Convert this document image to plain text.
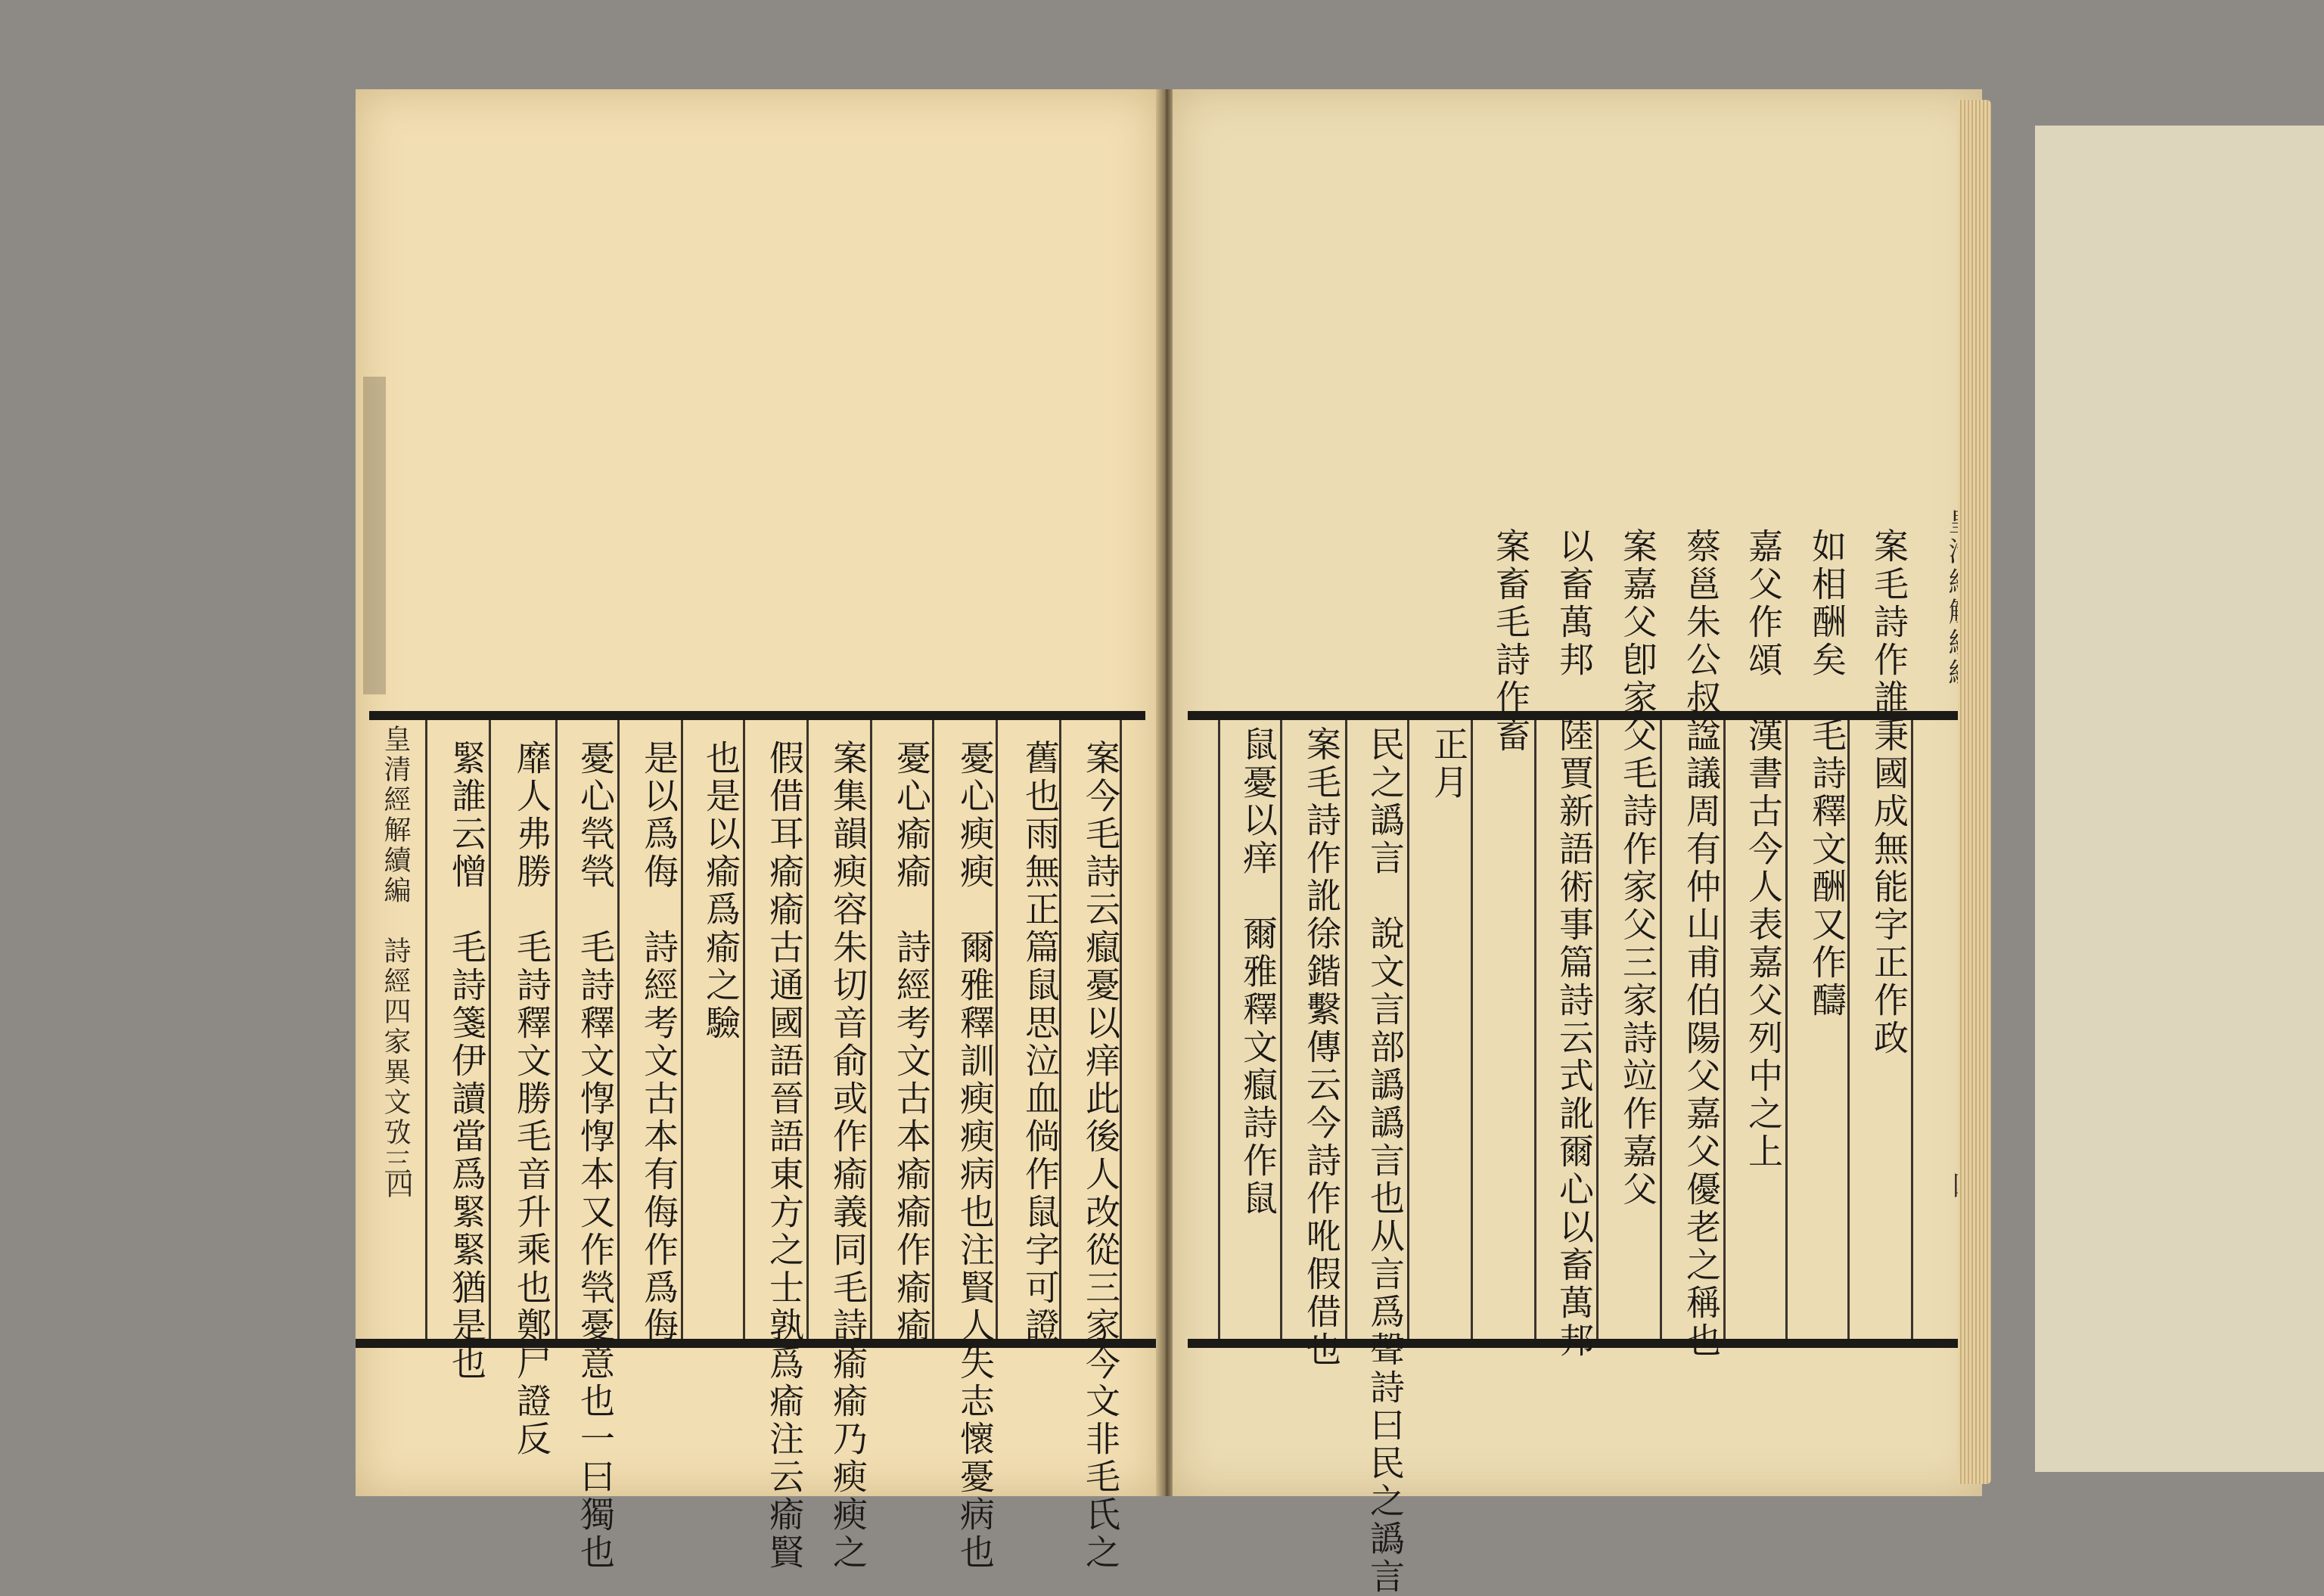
皇清經解續編
詩經四家異文攷三
四	案今毛詩云癙憂以痒此後人改從三家今文非毛氏之
舊也雨無正篇鼠思泣血倘作鼠字可證
憂心瘐瘐　爾雅釋訓瘐瘐病也注賢人失志懷憂病也
憂心瘉瘉　詩經考文古本瘉瘉作瘉瘉
案集韻瘐容朱切音俞或作瘉義同毛詩瘉瘉乃瘐瘐之
假借耳瘉瘉古通國語晉語東方之士孰爲瘉注云瘉賢
也是以瘉爲瘉之驗
是以爲侮　詩經考文古本有侮作爲侮
憂心煢煢　毛詩釋文惸惸本又作煢憂意也一曰獨也
靡人弗勝　毛詩釋文勝毛音升乘也鄭尸證反
緊誰云憎　毛詩箋伊讀當爲緊緊猶是也	案毛詩作誰秉國成無能字正作政
如相酬矣　毛詩釋文酬又作醻
嘉父作頌　漢書古今人表嘉父列中之上
蔡邕朱公叔諡議周有仲山甫伯陽父嘉父優老之稱也
案嘉父卽家父毛詩作家父三家詩竝作嘉父
以畜萬邦　陸賈新語術事篇詩云式訛爾心以畜萬邦
案畜毛詩作畜
正月
民之譌言　說文言部譌譌言也从言爲聲詩曰民之譌言
案毛詩作訛徐鍇繫傳云今詩作吪假借也
鼠憂以痒　爾雅釋文癙詩作鼠
